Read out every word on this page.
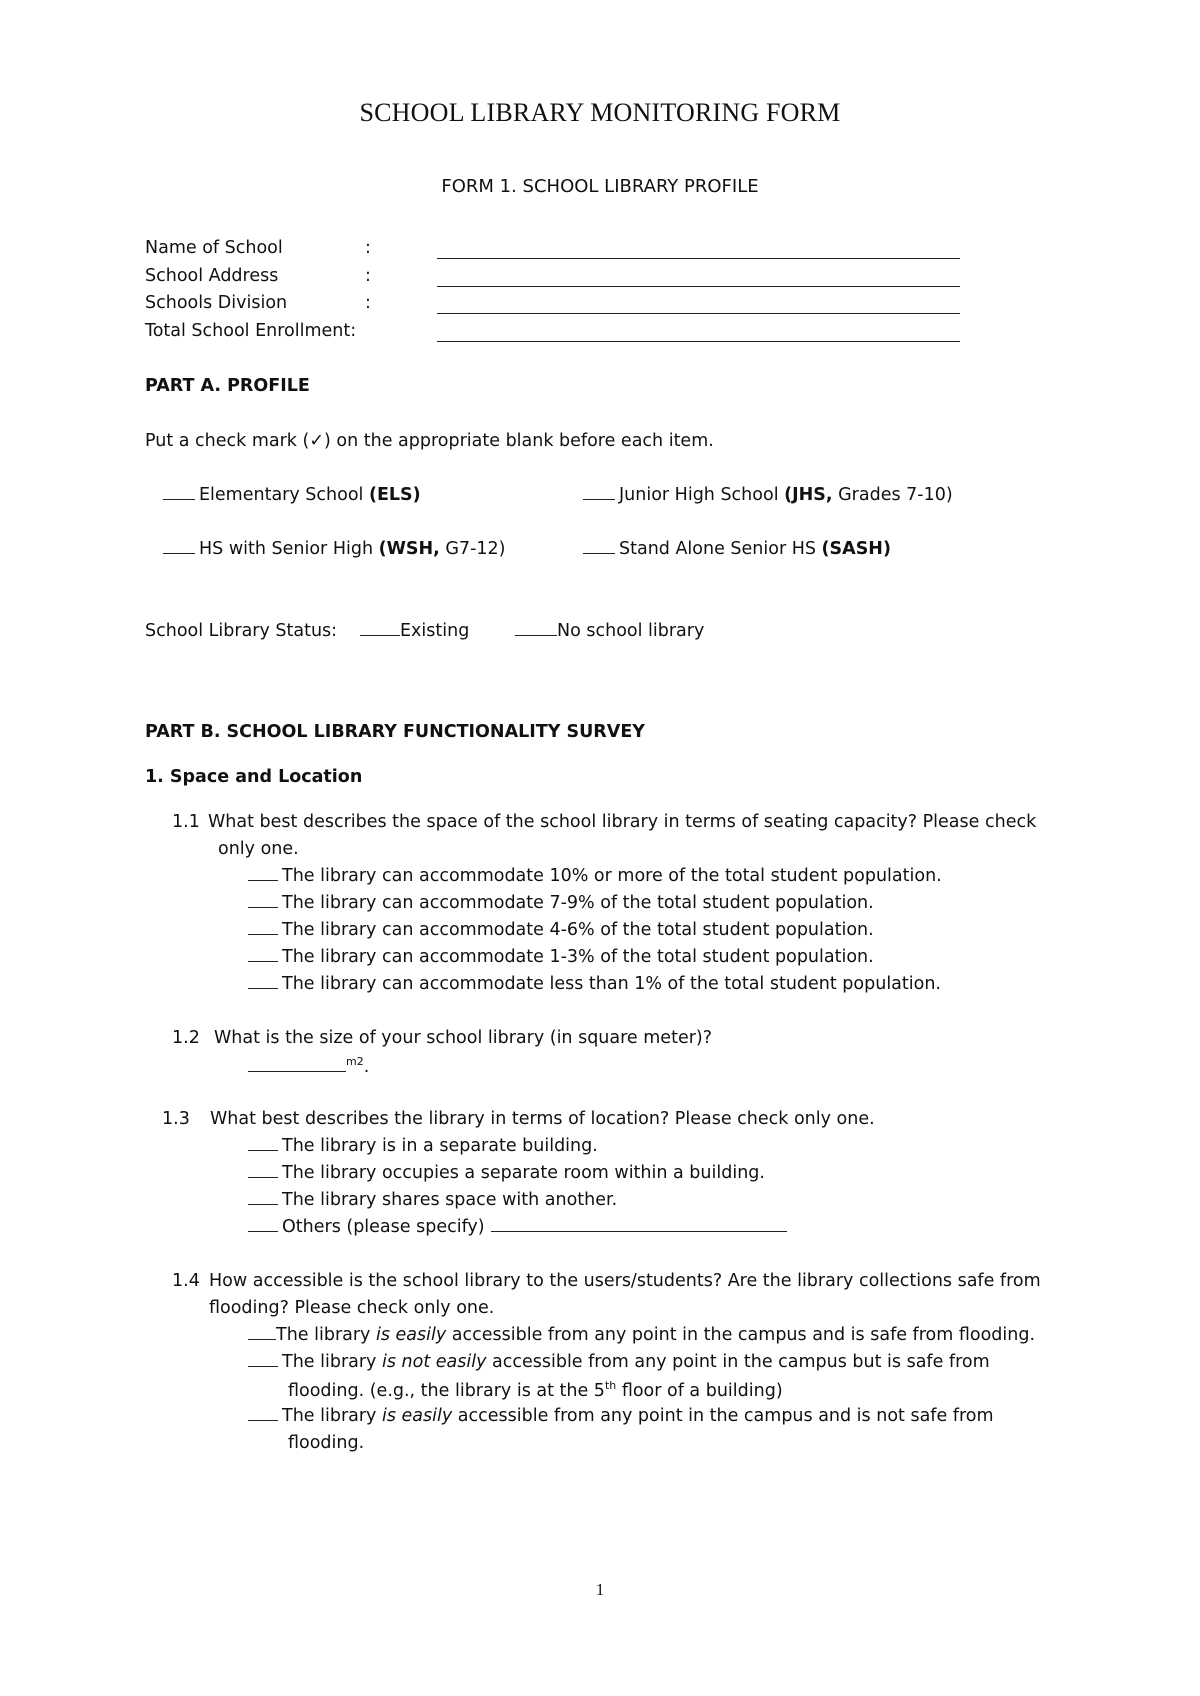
SCHOOL LIBRARY MONITORING FORM
FORM 1. SCHOOL LIBRARY PROFILE
Name of School	:
School Address	:
Schools Division	:
Total School Enrollment:
PART A. PROFILE
Put a check mark (✓) on the appropriate blank before each item.
Elementary School (ELS)	Junior High School (JHS, Grades 7-10)
HS with Senior High (WSH, G7-12)	Stand Alone Senior HS (SASH)
School Library Status:	Existing	No school library
PART B. SCHOOL LIBRARY FUNCTIONALITY SURVEY
1. Space and Location
1.1 What best describes the space of the school library in terms of seating capacity? Please check
only one.
The library can accommodate 10% or more of the total student population.
The library can accommodate 7-9% of the total student population.
The library can accommodate 4-6% of the total student population.
The library can accommodate 1-3% of the total student population.
The library can accommodate less than 1% of the total student population.
1.2 What is the size of your school library (in square meter)?
$^{m2}$.
1.3 What best describes the library in terms of location? Please check only one.
The library is in a separate building.
The library occupies a separate room within a building.
The library shares space with another.
Others (please specify)
1.4 How accessible is the school library to the users/students? Are the library collections safe from
flooding? Please check only one.
The library is easily accessible from any point in the campus and is safe from flooding.
The library is not easily accessible from any point in the campus but is safe from
flooding. (e.g., the library is at the 5th floor of a building)
The library is easily accessible from any point in the campus and is not safe from
flooding.
1
